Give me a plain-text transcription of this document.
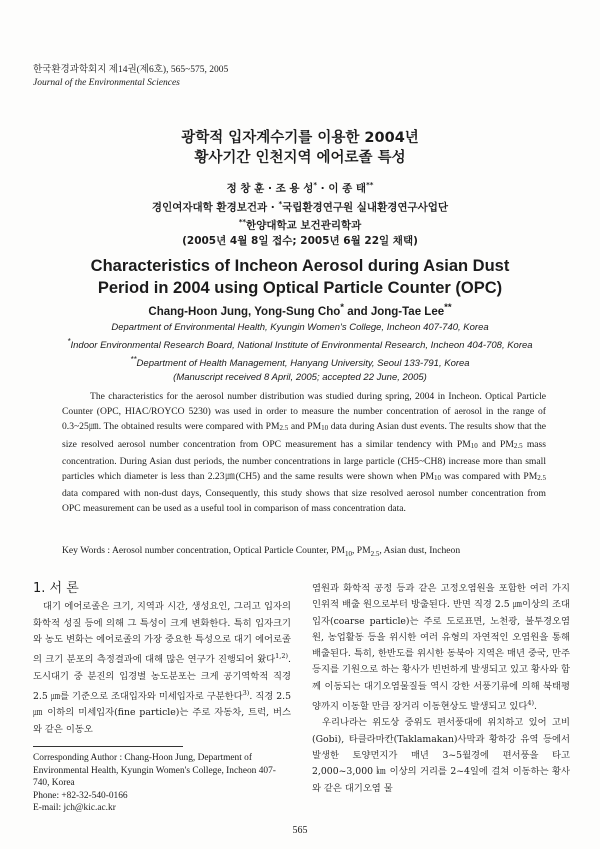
한국환경과학회지 제14권(제6호), 565~575, 2005
Journal of the Environmental Sciences
광학적 입자계수기를 이용한 2004년
황사기간 인천지역 에어로졸 특성
정 창 훈 · 조 용 성* · 이 종 태**
경인여자대학 환경보건과 · *국립환경연구원 실내환경연구사업단
**한양대학교 보건관리학과
(2005년 4월 8일 접수; 2005년 6월 22일 채택)
Characteristics of Incheon Aerosol during Asian Dust
Period in 2004 using Optical Particle Counter (OPC)
Chang-Hoon Jung, Yong-Sung Cho* and Jong-Tae Lee**
Department of Environmental Health, Kyungin Women's College, Incheon 407-740, Korea
*Indoor Environmental Research Board, National Institute of Environmental Research, Incheon 404-708, Korea
**Department of Health Management, Hanyang University, Seoul 133-791, Korea
(Manuscript received 8 April, 2005; accepted 22 June, 2005)
The characteristics for the aerosol number distribution was studied during spring, 2004 in Incheon. Optical Particle Counter (OPC, HIAC/ROYCO 5230) was used in order to measure the number concentration of aerosol in the range of 0.3~25㎛. The obtained results were compared with $PM_{2.5}$ and $PM_{10}$ data during Asian dust events. The results show that the size resolved aerosol number concentration from OPC measurement has a similar tendency with $PM_{10}$ and $PM_{2.5}$ mass concentration. During Asian dust periods, the number concentrations in large particle (CH5~CH8) increase more than small particles which diameter is less than 2.23㎛(CH5) and the same results were shown when $PM_{10}$ was compared with $PM_{2.5}$ data compared with non-dust days, Consequently, this study shows that size resolved aerosol number concentration from OPC measurement can be used as a useful tool in comparison of mass concentration data.
Key Words : Aerosol number concentration, Optical Particle Counter, $PM_{10}$, $PM_{2.5}$, Asian dust, Incheon
1. 서 론

대기 에어로졸은 크기, 지역과 시간, 생성요인, 그리고 입자의 화학적 성질 등에 의해 그 특성이 크게 변화한다. 특히 입자크기와 농도 변화는 에어로졸의 가장 중요한 특성으로 대기 에어로졸의 크기 분포의 측정결과에 대해 많은 연구가 진행되어 왔다$^{1,2)}$. 도시대기 중 분진의 입경별 농도분포는 크게 공기역학적 직경 2.5 ㎛를 기준으로 조대입자와 미세입자로 구분한다$^{3)}$. 직경 2.5 ㎛ 이하의 미세입자(fine particle)는 주로 자동차, 트럭, 버스와 같은 이동오

염원과 화학적 공정 등과 같은 고정오염원을 포함한 여러 가지 인위적 배출 원으로부터 방출된다. 반면 직경 2.5 ㎛이상의 조대입자(coarse particle)는 주로 도로표면, 노천광, 불투경오염원, 농업활동 등을 위시한 여러 유형의 자연적인 오염원을 통해 배출된다. 특히, 한반도를 위시한 동북아 지역은 매년 중국, 만주 등지를 기원으로 하는 황사가 빈번하게 발생되고 있고 황사와 함께 이동되는 대기오염물질들 역시 강한 서풍기류에 의해 북태평양까지 이동할 만큼 장거리 이동현상도 발생되고 있다$^{4)}$.

우리나라는 위도상 중위도 편서풍대에 위치하고 있어 고비(Gobi), 타클라마칸(Taklamakan)사막과 황하강 유역 등에서 발생한 토양먼지가 매년 3~5월경에 편서풍을 타고 2,000~3,000 ㎞ 이상의 거리를 2~4일에 걸쳐 이동하는 황사와 같은 대기오염 물

Corresponding Author : Chang-Hoon Jung, Department of Environmental Health, Kyungin Women's College, Incheon 407-740, Korea
Phone: +82-32-540-0166
E-mail: jch@kic.ac.kr
565
